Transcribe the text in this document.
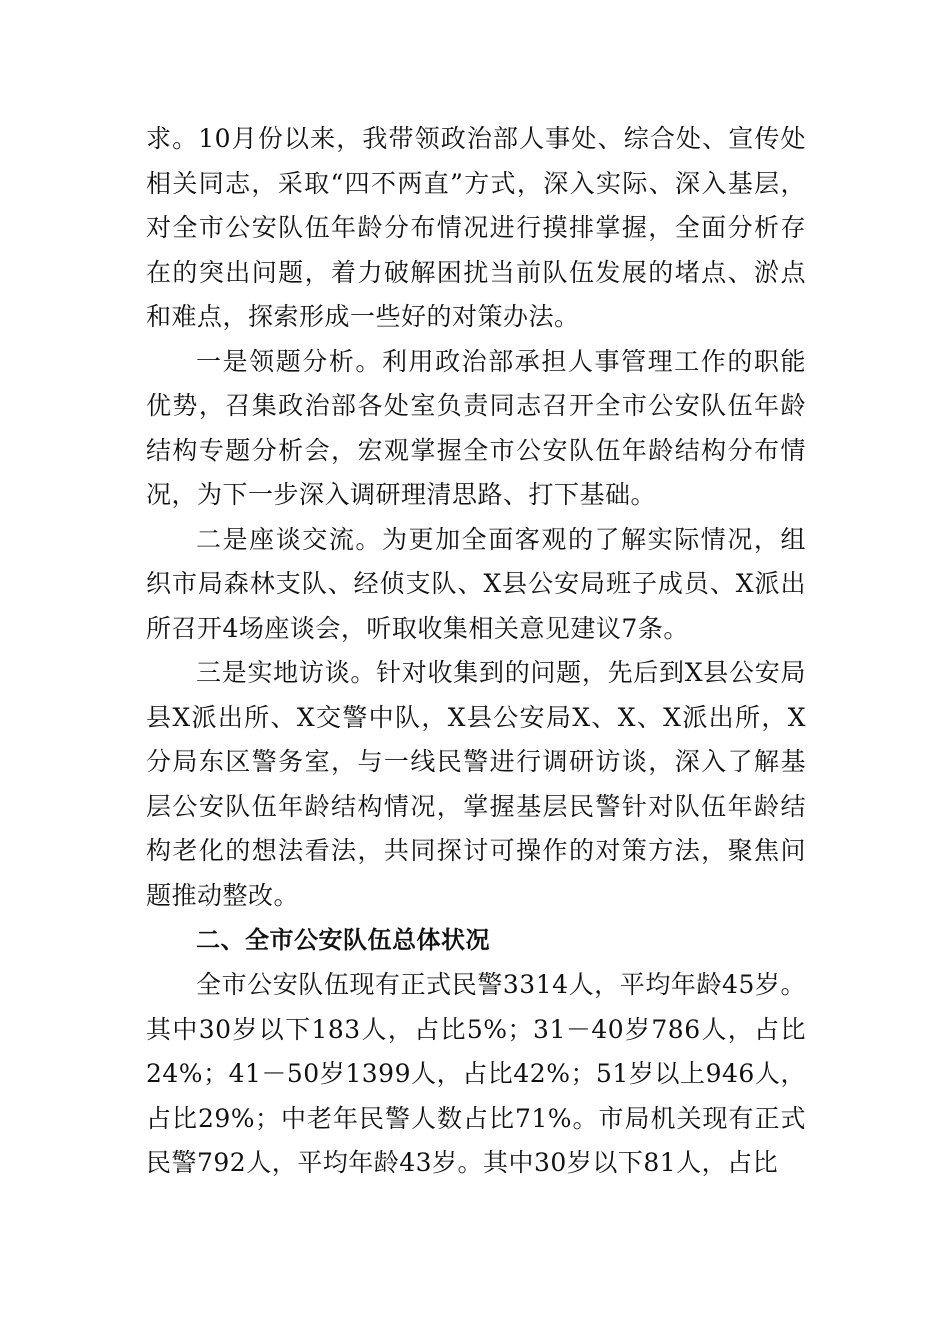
求。10月份以来，我带领政治部人事处、综合处、宣传处相关同志，采取“四不两直”方式，深入实际、深入基层，对全市公安队伍年龄分布情况进行摸排掌握，全面分析存在的突出问题，着力破解困扰当前队伍发展的堵点、淤点和难点，探索形成一些好的对策办法。

一是领题分析。利用政治部承担人事管理工作的职能优势，召集政治部各处室负责同志召开全市公安队伍年龄结构专题分析会，宏观掌握全市公安队伍年龄结构分布情况，为下一步深入调研理清思路、打下基础。

二是座谈交流。为更加全面客观的了解实际情况，组织市局森林支队、经侦支队、X县公安局班子成员、X派出所召开4场座谈会，听取收集相关意见建议7条。

三是实地访谈。针对收集到的问题，先后到X县公安局县X派出所、X交警中队，X县公安局X、X、X派出所，X分局东区警务室，与一线民警进行调研访谈，深入了解基层公安队伍年龄结构情况，掌握基层民警针对队伍年龄结构老化的想法看法，共同探讨可操作的对策方法，聚焦问题推动整改。

二、全市公安队伍总体状况

全市公安队伍现有正式民警3314人，平均年龄45岁。其中30岁以下183人，占比5%；31－40岁786人，占比24%；41－50岁1399人，占比42%；51岁以上946人，占比29%；中老年民警人数占比71%。市局机关现有正式民警792人，平均年龄43岁。其中30岁以下81人，占比
